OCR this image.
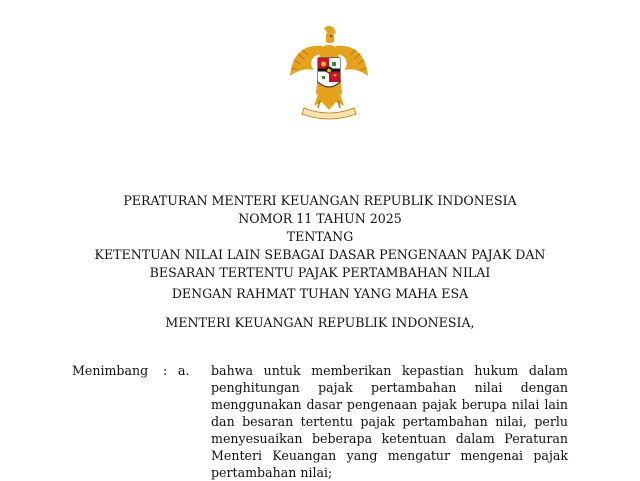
PERATURAN MENTERI KEUANGAN REPUBLIK INDONESIA
NOMOR 11 TAHUN 2025
TENTANG
KETENTUAN NILAI LAIN SEBAGAI DASAR PENGENAAN PAJAK DAN
BESARAN TERTENTU PAJAK PERTAMBAHAN NILAI
DENGAN RAHMAT TUHAN YANG MAHA ESA
MENTERI KEUANGAN REPUBLIK INDONESIA,
Menimbang : a. bahwa untuk memberikan kepastian hukum dalam
penghitungan pajak pertambahan nilai dengan
menggunakan dasar pengenaan pajak berupa nilai lain
dan besaran tertentu pajak pertambahan nilai, perlu
menyesuaikan beberapa ketentuan dalam Peraturan
Menteri Keuangan yang mengatur mengenai pajak
pertambahan nilai;
